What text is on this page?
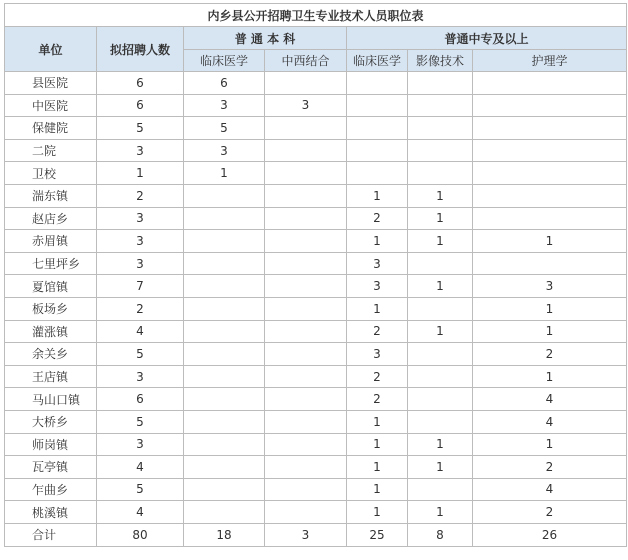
内乡县公开招聘卫生专业技术人员职位表						
单位	拟招聘人数	普 通 本 科		普通中专及以上		
		临床医学	中西结合	临床医学	影像技术	护理学
县医院	6	6				
中医院	6	3	3			
保健院	5	5				
二院	3	3				
卫校	1	1				
湍东镇	2			1	1	
赵店乡	3			2	1	
赤眉镇	3			1	1	1
七里坪乡	3			3		
夏馆镇	7			3	1	3
板场乡	2			1		1
灌涨镇	4			2	1	1
余关乡	5			3		2
王店镇	3			2		1
马山口镇	6			2		4
大桥乡	5			1		4
师岗镇	3			1	1	1
瓦亭镇	4			1	1	2
乍曲乡	5			1		4
桃溪镇	4			1	1	2
合计	80	18	3	25	8	26
